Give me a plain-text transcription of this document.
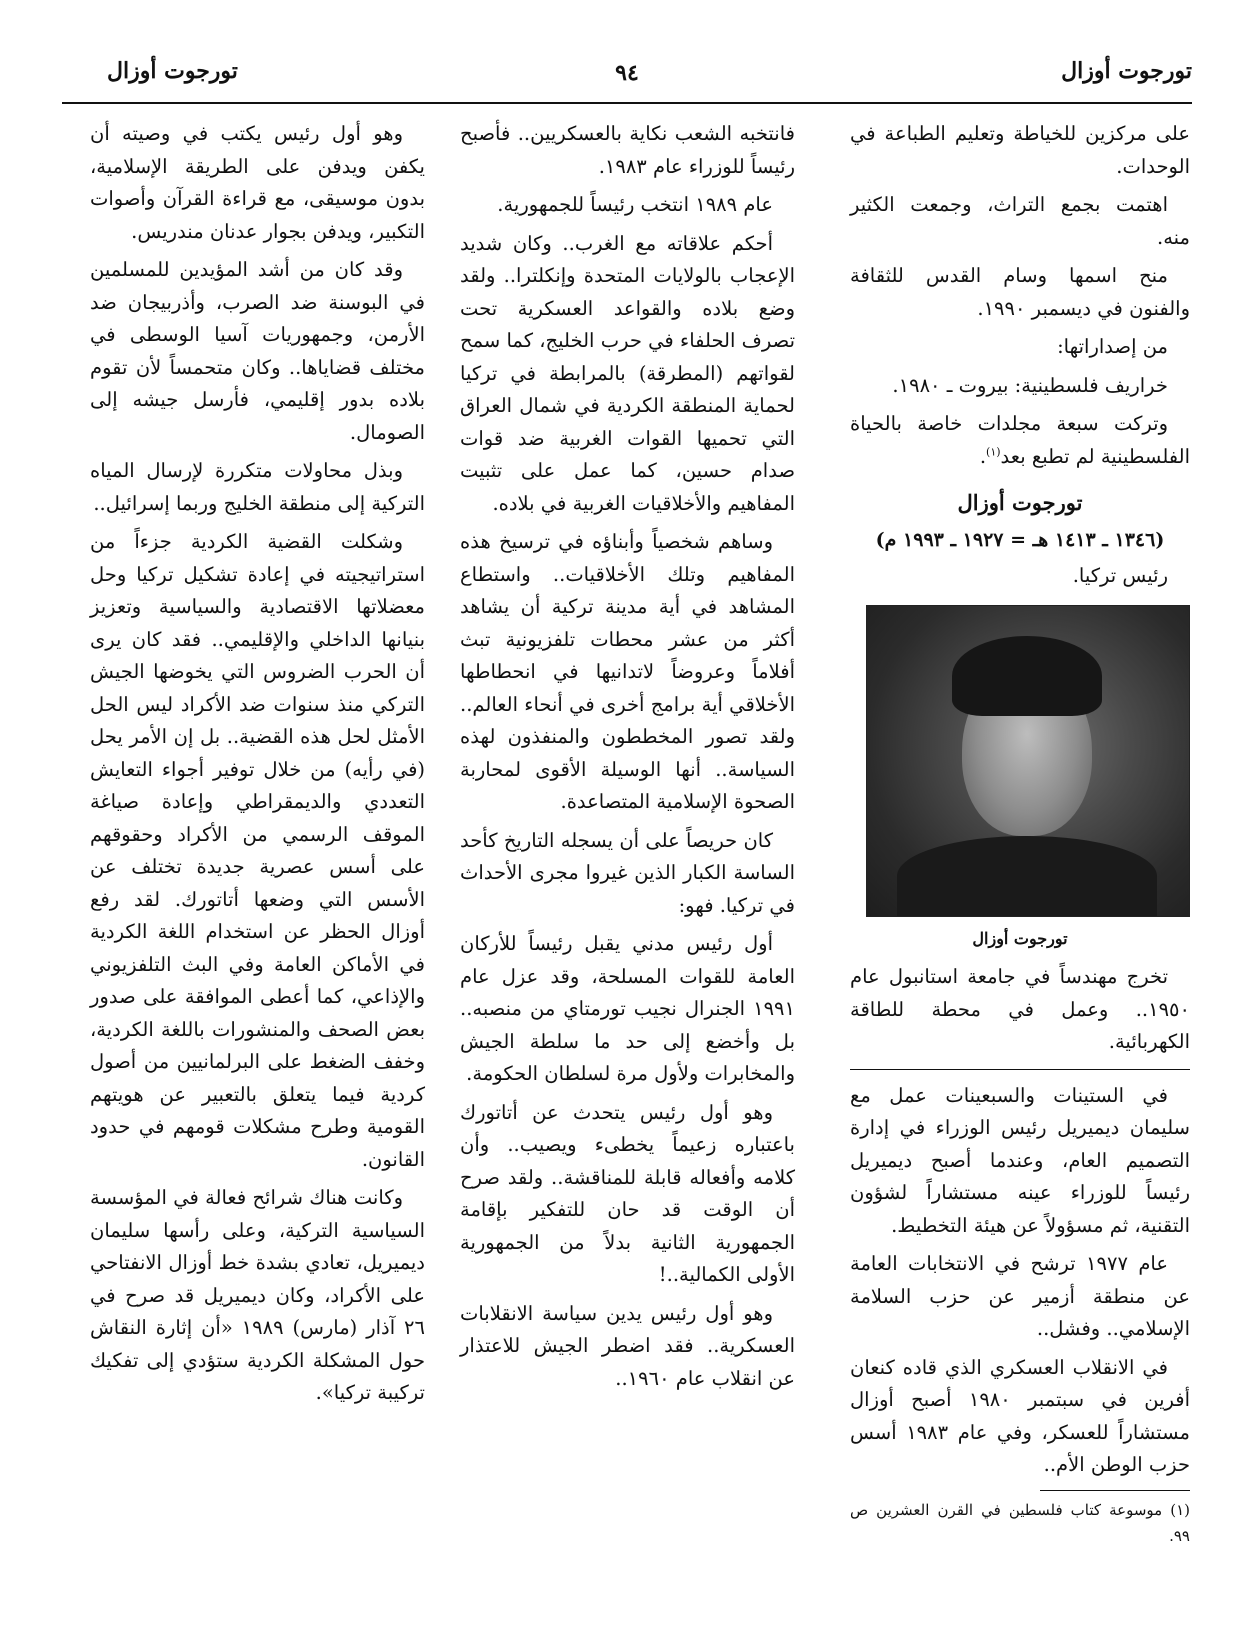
تورجوت أوزال
٩٤
تورجوت أوزال

على مركزين للخياطة وتعليم الطباعة في الوحدات.

اهتمت بجمع التراث، وجمعت الكثير منه.

منح اسمها وسام القدس للثقافة والفنون في ديسمبر ١٩٩٠.

من إصداراتها:

خراريف فلسطينية: بيروت ـ ١٩٨٠.

وتركت سبعة مجلدات خاصة بالحياة الفلسطينية لم تطبع بعد$^{(١)}$.

تورجوت أوزال

(١٣٤٦ ـ ١٤١٣ هـ = ١٩٢٧ ـ ١٩٩٣ م)

رئيس تركيا.

تورجوت أوزال

تخرج مهندساً في جامعة استانبول عام ١٩٥٠.. وعمل في محطة للطاقة الكهربائية.

في الستينات والسبعينات عمل مع سليمان ديميريل رئيس الوزراء في إدارة التصميم العام، وعندما أصبح ديميريل رئيساً للوزراء عينه مستشاراً لشؤون التقنية، ثم مسؤولاً عن هيئة التخطيط.

عام ١٩٧٧ ترشح في الانتخابات العامة عن منطقة أزمير عن حزب السلامة الإسلامي.. وفشل..

في الانقلاب العسكري الذي قاده كنعان أفرين في سبتمبر ١٩٨٠ أصبح أوزال مستشاراً للعسكر، وفي عام ١٩٨٣ أسس حزب الوطن الأم..

(١) موسوعة كتاب فلسطين في القرن العشرين ص ٩٩.

فانتخبه الشعب نكاية بالعسكريين.. فأصبح رئيساً للوزراء عام ١٩٨٣.

عام ١٩٨٩ انتخب رئيساً للجمهورية.

أحكم علاقاته مع الغرب.. وكان شديد الإعجاب بالولايات المتحدة وإنكلترا.. ولقد وضع بلاده والقواعد العسكرية تحت تصرف الحلفاء في حرب الخليج، كما سمح لقواتهم (المطرقة) بالمرابطة في تركيا لحماية المنطقة الكردية في شمال العراق التي تحميها القوات الغربية ضد قوات صدام حسين، كما عمل على تثبيت المفاهيم والأخلاقيات الغربية في بلاده.

وساهم شخصياً وأبناؤه في ترسيخ هذه المفاهيم وتلك الأخلاقيات.. واستطاع المشاهد في أية مدينة تركية أن يشاهد أكثر من عشر محطات تلفزيونية تبث أفلاماً وعروضاً لاتدانيها في انحطاطها الأخلاقي أية برامج أخرى في أنحاء العالم.. ولقد تصور المخططون والمنفذون لهذه السياسة.. أنها الوسيلة الأقوى لمحاربة الصحوة الإسلامية المتصاعدة.

كان حريصاً على أن يسجله التاريخ كأحد الساسة الكبار الذين غيروا مجرى الأحداث في تركيا. فهو:

أول رئيس مدني يقبل رئيساً للأركان العامة للقوات المسلحة، وقد عزل عام ١٩٩١ الجنرال نجيب تورمتاي من منصبه.. بل وأخضع إلى حد ما سلطة الجيش والمخابرات ولأول مرة لسلطان الحكومة.

وهو أول رئيس يتحدث عن أتاتورك باعتباره زعيماً يخطىء ويصيب.. وأن كلامه وأفعاله قابلة للمناقشة.. ولقد صرح أن الوقت قد حان للتفكير بإقامة الجمهورية الثانية بدلاً من الجمهورية الأولى الكمالية..!

وهو أول رئيس يدين سياسة الانقلابات العسكرية.. فقد اضطر الجيش للاعتذار عن انقلاب عام ١٩٦٠..

وهو أول رئيس يكتب في وصيته أن يكفن ويدفن على الطريقة الإسلامية، بدون موسيقى، مع قراءة القرآن وأصوات التكبير، ويدفن بجوار عدنان مندريس.

وقد كان من أشد المؤيدين للمسلمين في البوسنة ضد الصرب، وأذربيجان ضد الأرمن، وجمهوريات آسيا الوسطى في مختلف قضاياها.. وكان متحمساً لأن تقوم بلاده بدور إقليمي، فأرسل جيشه إلى الصومال.

وبذل محاولات متكررة لإرسال المياه التركية إلى منطقة الخليج وربما إسرائيل..

وشكلت القضية الكردية جزءاً من استراتيجيته في إعادة تشكيل تركيا وحل معضلاتها الاقتصادية والسياسية وتعزيز بنيانها الداخلي والإقليمي.. فقد كان يرى أن الحرب الضروس التي يخوضها الجيش التركي منذ سنوات ضد الأكراد ليس الحل الأمثل لحل هذه القضية.. بل إن الأمر يحل (في رأيه) من خلال توفير أجواء التعايش التعددي والديمقراطي وإعادة صياغة الموقف الرسمي من الأكراد وحقوقهم على أسس عصرية جديدة تختلف عن الأسس التي وضعها أتاتورك. لقد رفع أوزال الحظر عن استخدام اللغة الكردية في الأماكن العامة وفي البث التلفزيوني والإذاعي، كما أعطى الموافقة على صدور بعض الصحف والمنشورات باللغة الكردية، وخفف الضغط على البرلمانيين من أصول كردية فيما يتعلق بالتعبير عن هويتهم القومية وطرح مشكلات قومهم في حدود القانون.

وكانت هناك شرائح فعالة في المؤسسة السياسية التركية، وعلى رأسها سليمان ديميريل، تعادي بشدة خط أوزال الانفتاحي على الأكراد، وكان ديميريل قد صرح في ٢٦ آذار (مارس) ١٩٨٩ «أن إثارة النقاش حول المشكلة الكردية ستؤدي إلى تفكيك تركيبة تركيا».
